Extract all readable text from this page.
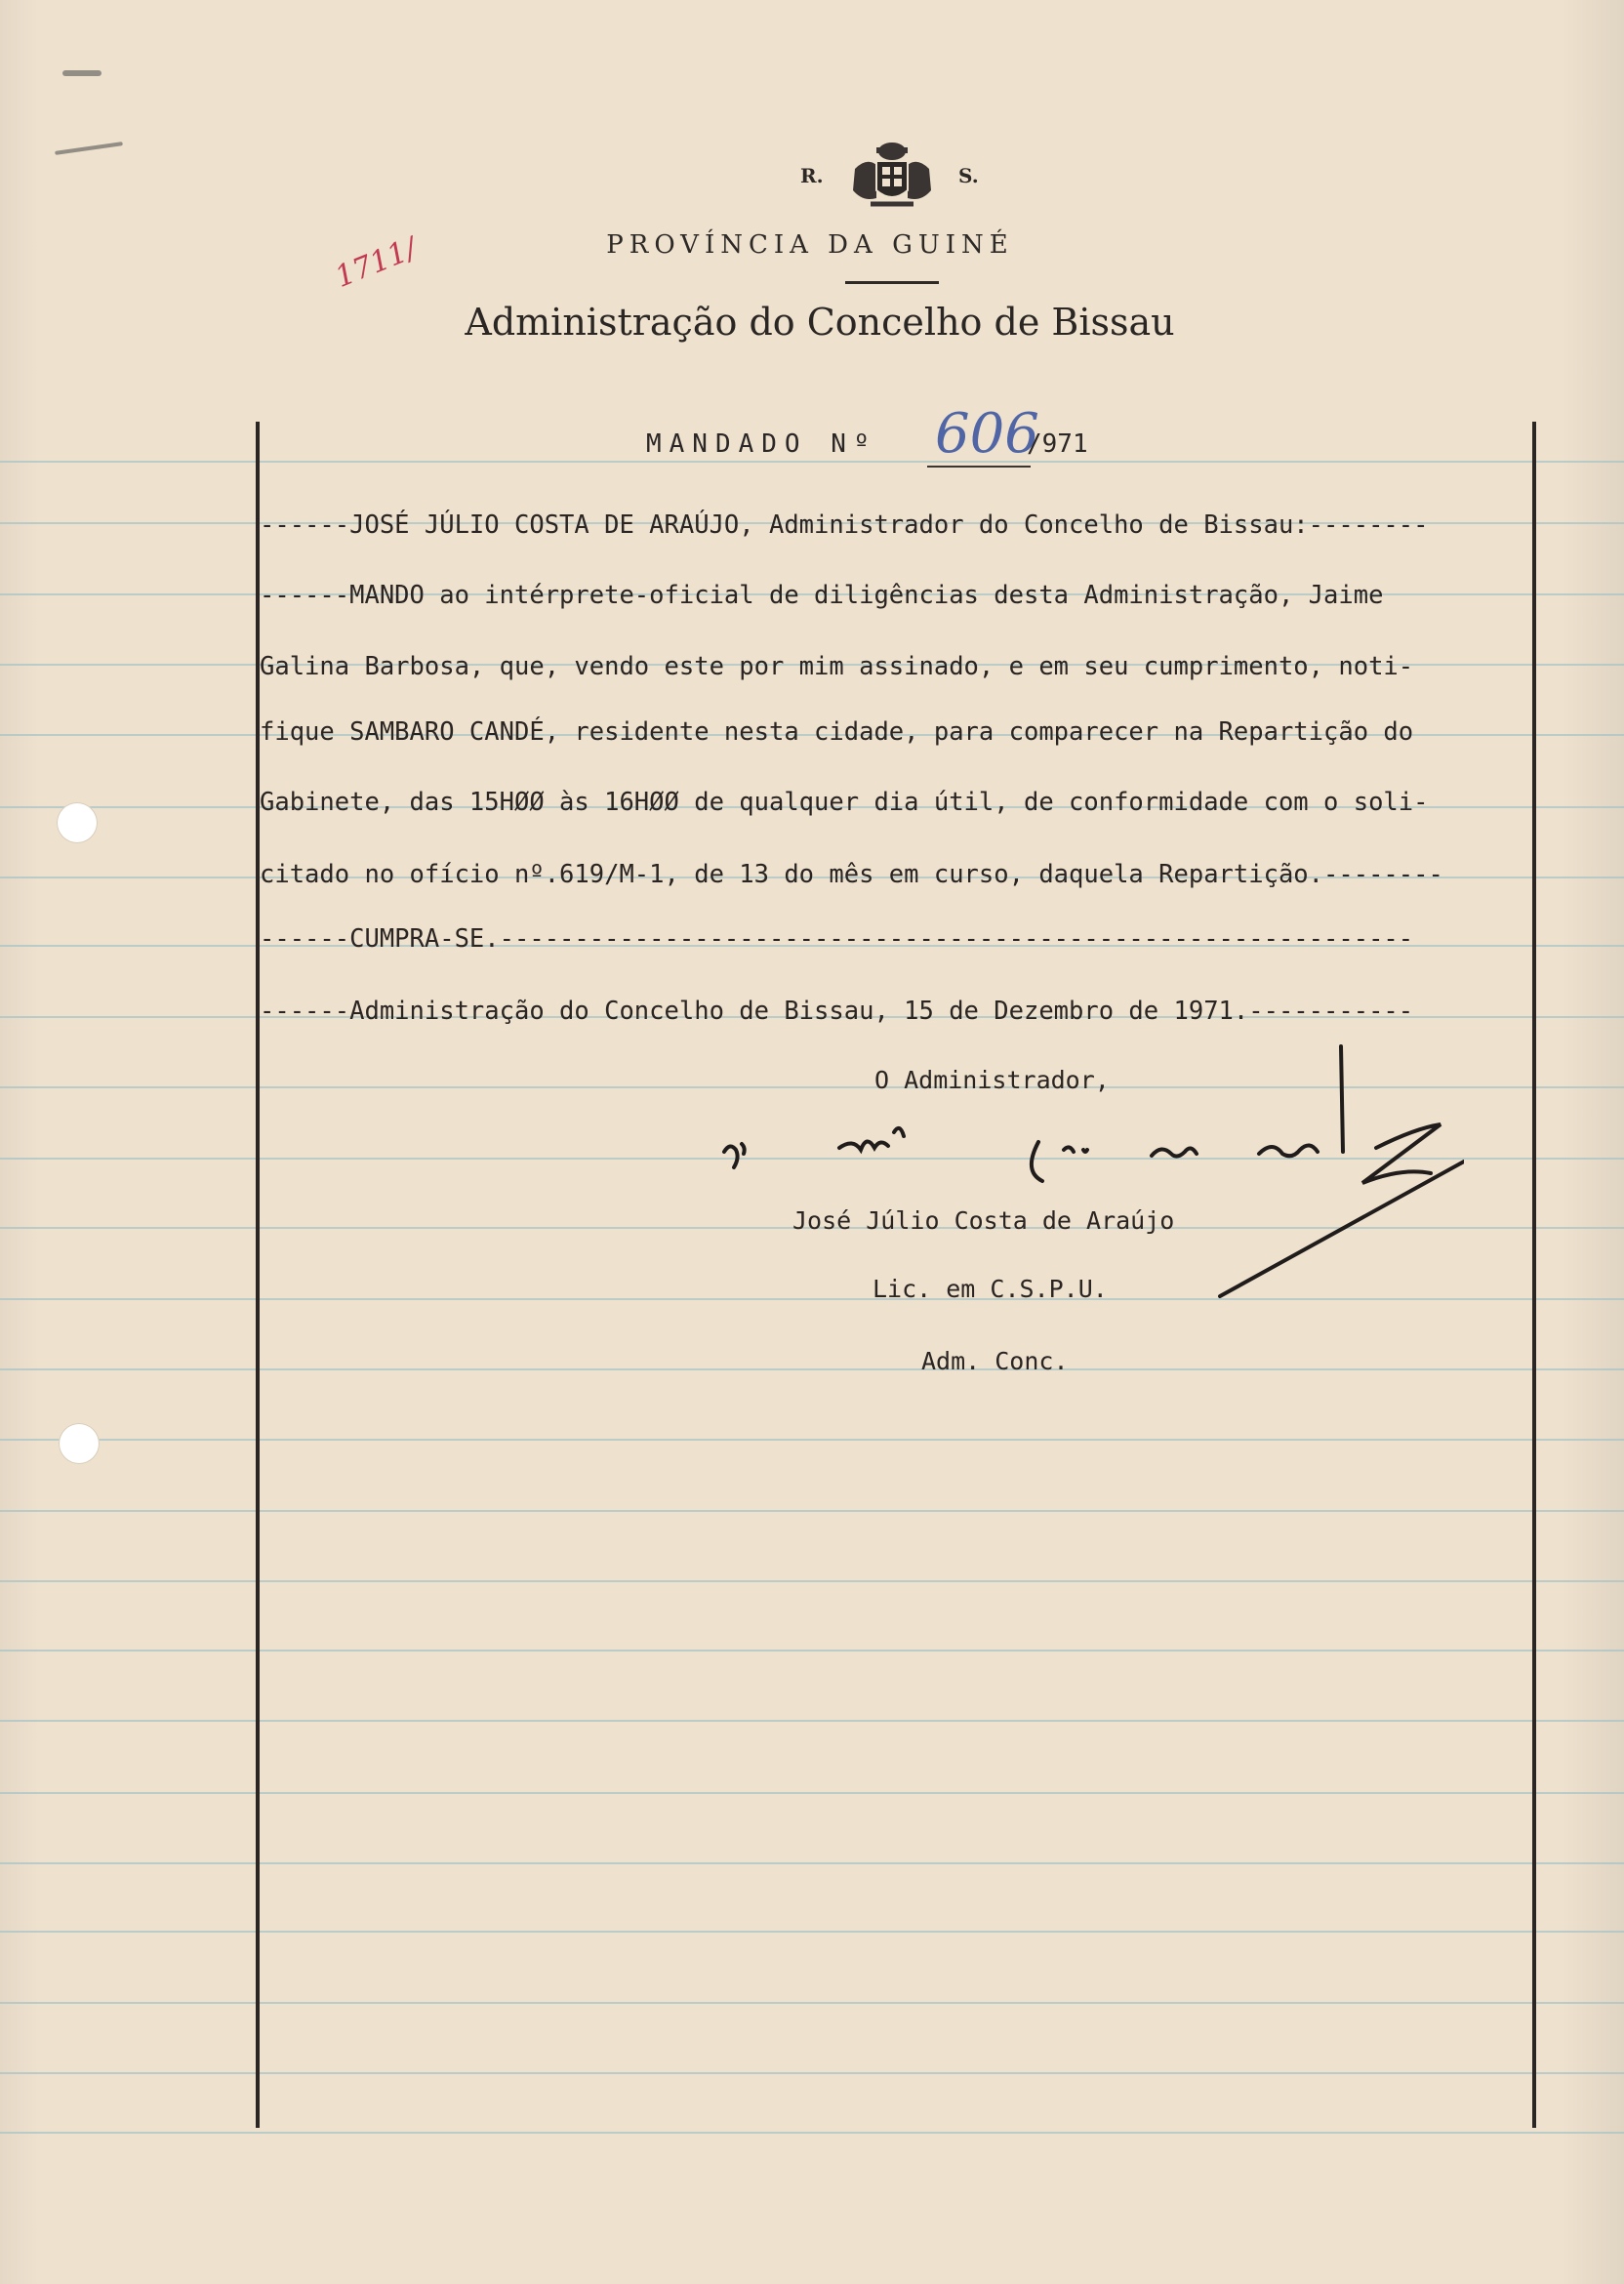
R.	S.
PROVÍNCIA DA GUINÉ
Administração do Concelho de Bissau
1711/
MANDADO Nº 606
/971
------JOSÉ JÚLIO COSTA DE ARAÚJO, Administrador do Concelho de Bissau:--------
------MANDO ao intérprete-oficial de diligências desta Administração, Jaime
Galina Barbosa, que, vendo este por mim assinado, e em seu cumprimento, noti-
fique SAMBARO CANDÉ, residente nesta cidade, para comparecer na Repartição do
Gabinete, das 15HØØ às 16HØØ de qualquer dia útil, de conformidade com o soli-
citado no ofício nº.619/M-1, de 13 do mês em curso, daquela Repartição.--------
------CUMPRA-SE.-------------------------------------------------------------
------Administração do Concelho de Bissau, 15 de Dezembro de 1971.-----------
O Administrador,
José Júlio Costa de Araújo
Lic. em C.S.P.U.
Adm. Conc.
